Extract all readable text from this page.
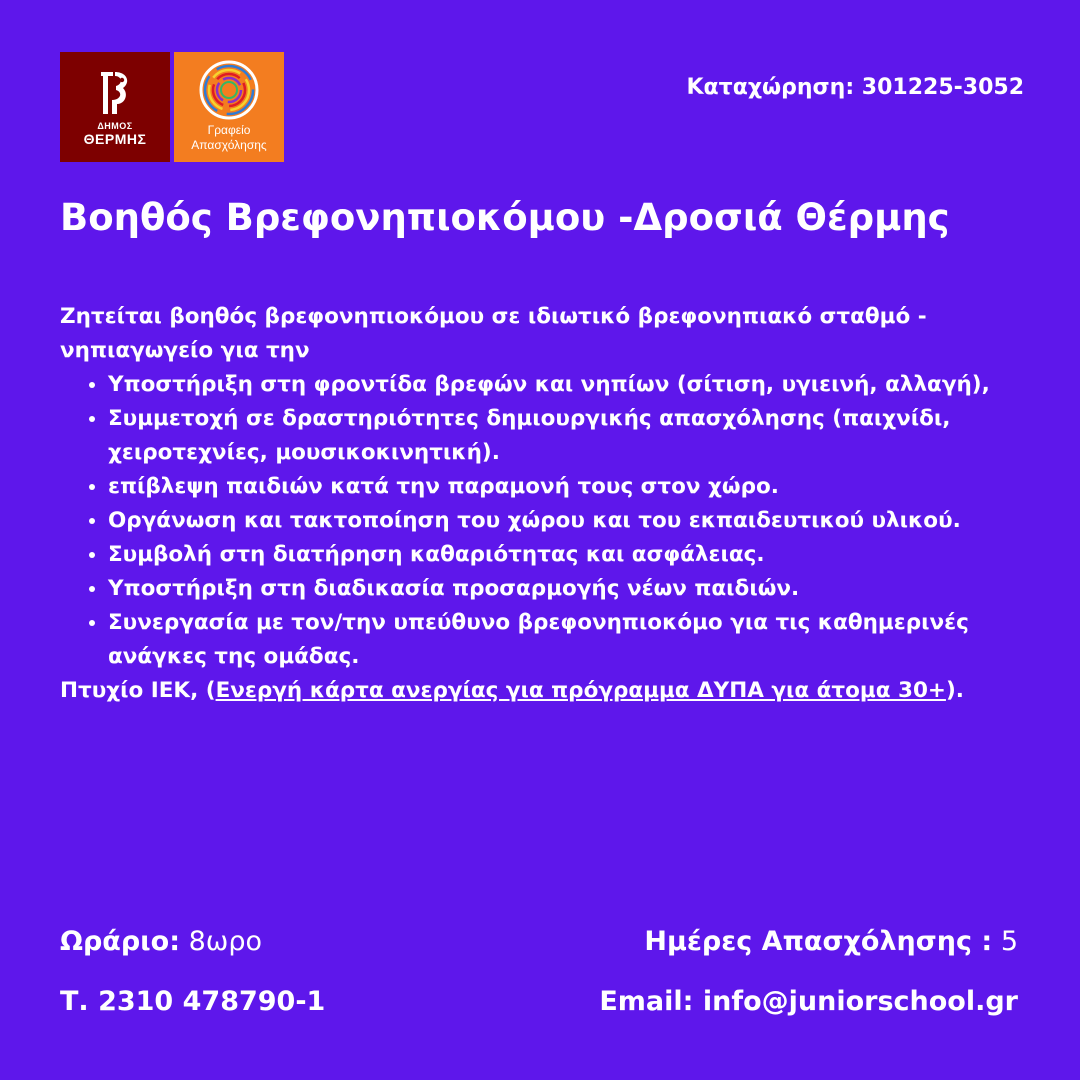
ΔΗΜΟΣ
ΘΕΡΜΗΣ
Γραφείο
Απασχόλησης
Καταχώρηση: 301225-3052
Βοηθός Βρεφονηπιοκόμου -Δροσιά Θέρμης

Ζητείται βοηθός βρεφονηπιοκόμου σε ιδιωτικό βρεφονηπιακό σταθμό - νηπιαγωγείο για την

• Υποστήριξη στη φροντίδα βρεφών και νηπίων (σίτιση, υγιεινή, αλλαγή),
• Συμμετοχή σε δραστηριότητες δημιουργικής απασχόλησης (παιχνίδι, χειροτεχνίες, μουσικοκινητική).
• επίβλεψη παιδιών κατά την παραμονή τους στον χώρο.
• Οργάνωση και τακτοποίηση του χώρου και του εκπαιδευτικού υλικού.
• Συμβολή στη διατήρηση καθαριότητας και ασφάλειας.
• Υποστήριξη στη διαδικασία προσαρμογής νέων παιδιών.
• Συνεργασία με τον/την υπεύθυνο βρεφονηπιοκόμο για τις καθημερινές ανάγκες της ομάδας.

Πτυχίο ΙΕΚ, (Ενεργή κάρτα ανεργίας για πρόγραμμα ΔΥΠΑ για άτομα 30+).

Ωράριο: 8ωρο	Ημέρες Απασχόλησης : 5
Τ. 2310 478790-1	Email: info@juniorschool.gr
